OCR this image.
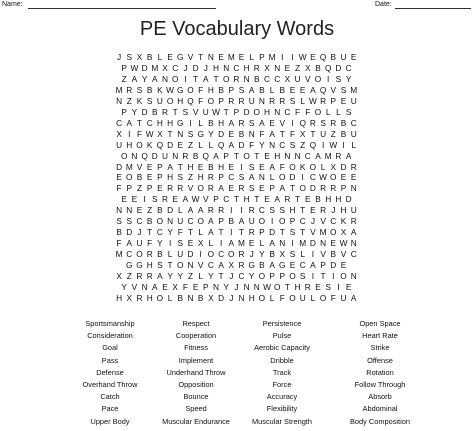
Name:	Date:
PE Vocabulary Words
J S X B L E G V T N E M E L P M I I W E Q B U E
P W D M X C J D J H N C H R X N E Z X B Q D C
Z A Y A N O I T A T O R N B C C X U V O I S Y
M R S B K W G O F H B P S A B L B E E A Q V S M
N Z K S U O H Q F O P R R U N R R S L W R P E U
P Y D B R T S V U W T P D O H N C F F O L L S
C A T C H H G I L B H A R S A E V I Q R S R B C
X I F W X T N S G Y D E B N F A T F X T U Z B U
U H O K Q D E Z L L Q A D F Y N C S Z Q I W I L
O N Q D U N R B Q A P T O T E H N N C A M R A
D M V E P A T H E B H E I S E A F O K O L X D R
E O B E P H S Z H R P C S A N L O D I C W O E E
F P Z P E R R V O R A E R S E P A T O D R R P N
E E I S R E A W V P C T H T E A R T E B H H D
N N E Z B D L A A R R I I R C S S H T E R J H U
S S C B O N U C O A P B A U O I O P C J V C K R
B D J T C Y F T L A T I T R P D T S T V M O X A
F A U F Y I S E X L I A M E L A N I M D N E W N
M C O R B L U D I O C O R J Y B X S L I V B V C
G G H S T O N V C A X R G B A G E C A P D E
X Z R R A Y Y Z L Y T J C Y O P P O S I T I O N
Y V N A E X F E P N Y J N N W O T H R E S I E
H X R H O L B N B X D J N H O L F O U L O F U A
Sportsmanship	Respect	Persistence	Open Space
Consideration	Cooperation	Pulse	Heart Rate
Goal	Fitness	Aerobic Capacity	Strike
Pass	Implement	Dribble	Offense
Defense	Underhand Throw	Track	Rotation
Overhand Throw	Opposition	Force	Follow Through
Catch	Bounce	Accuracy	Absorb
Pace	Speed	Flexibility	Abdominal
Upper Body	Muscular Endurance	Muscular Strength	Body Composition
